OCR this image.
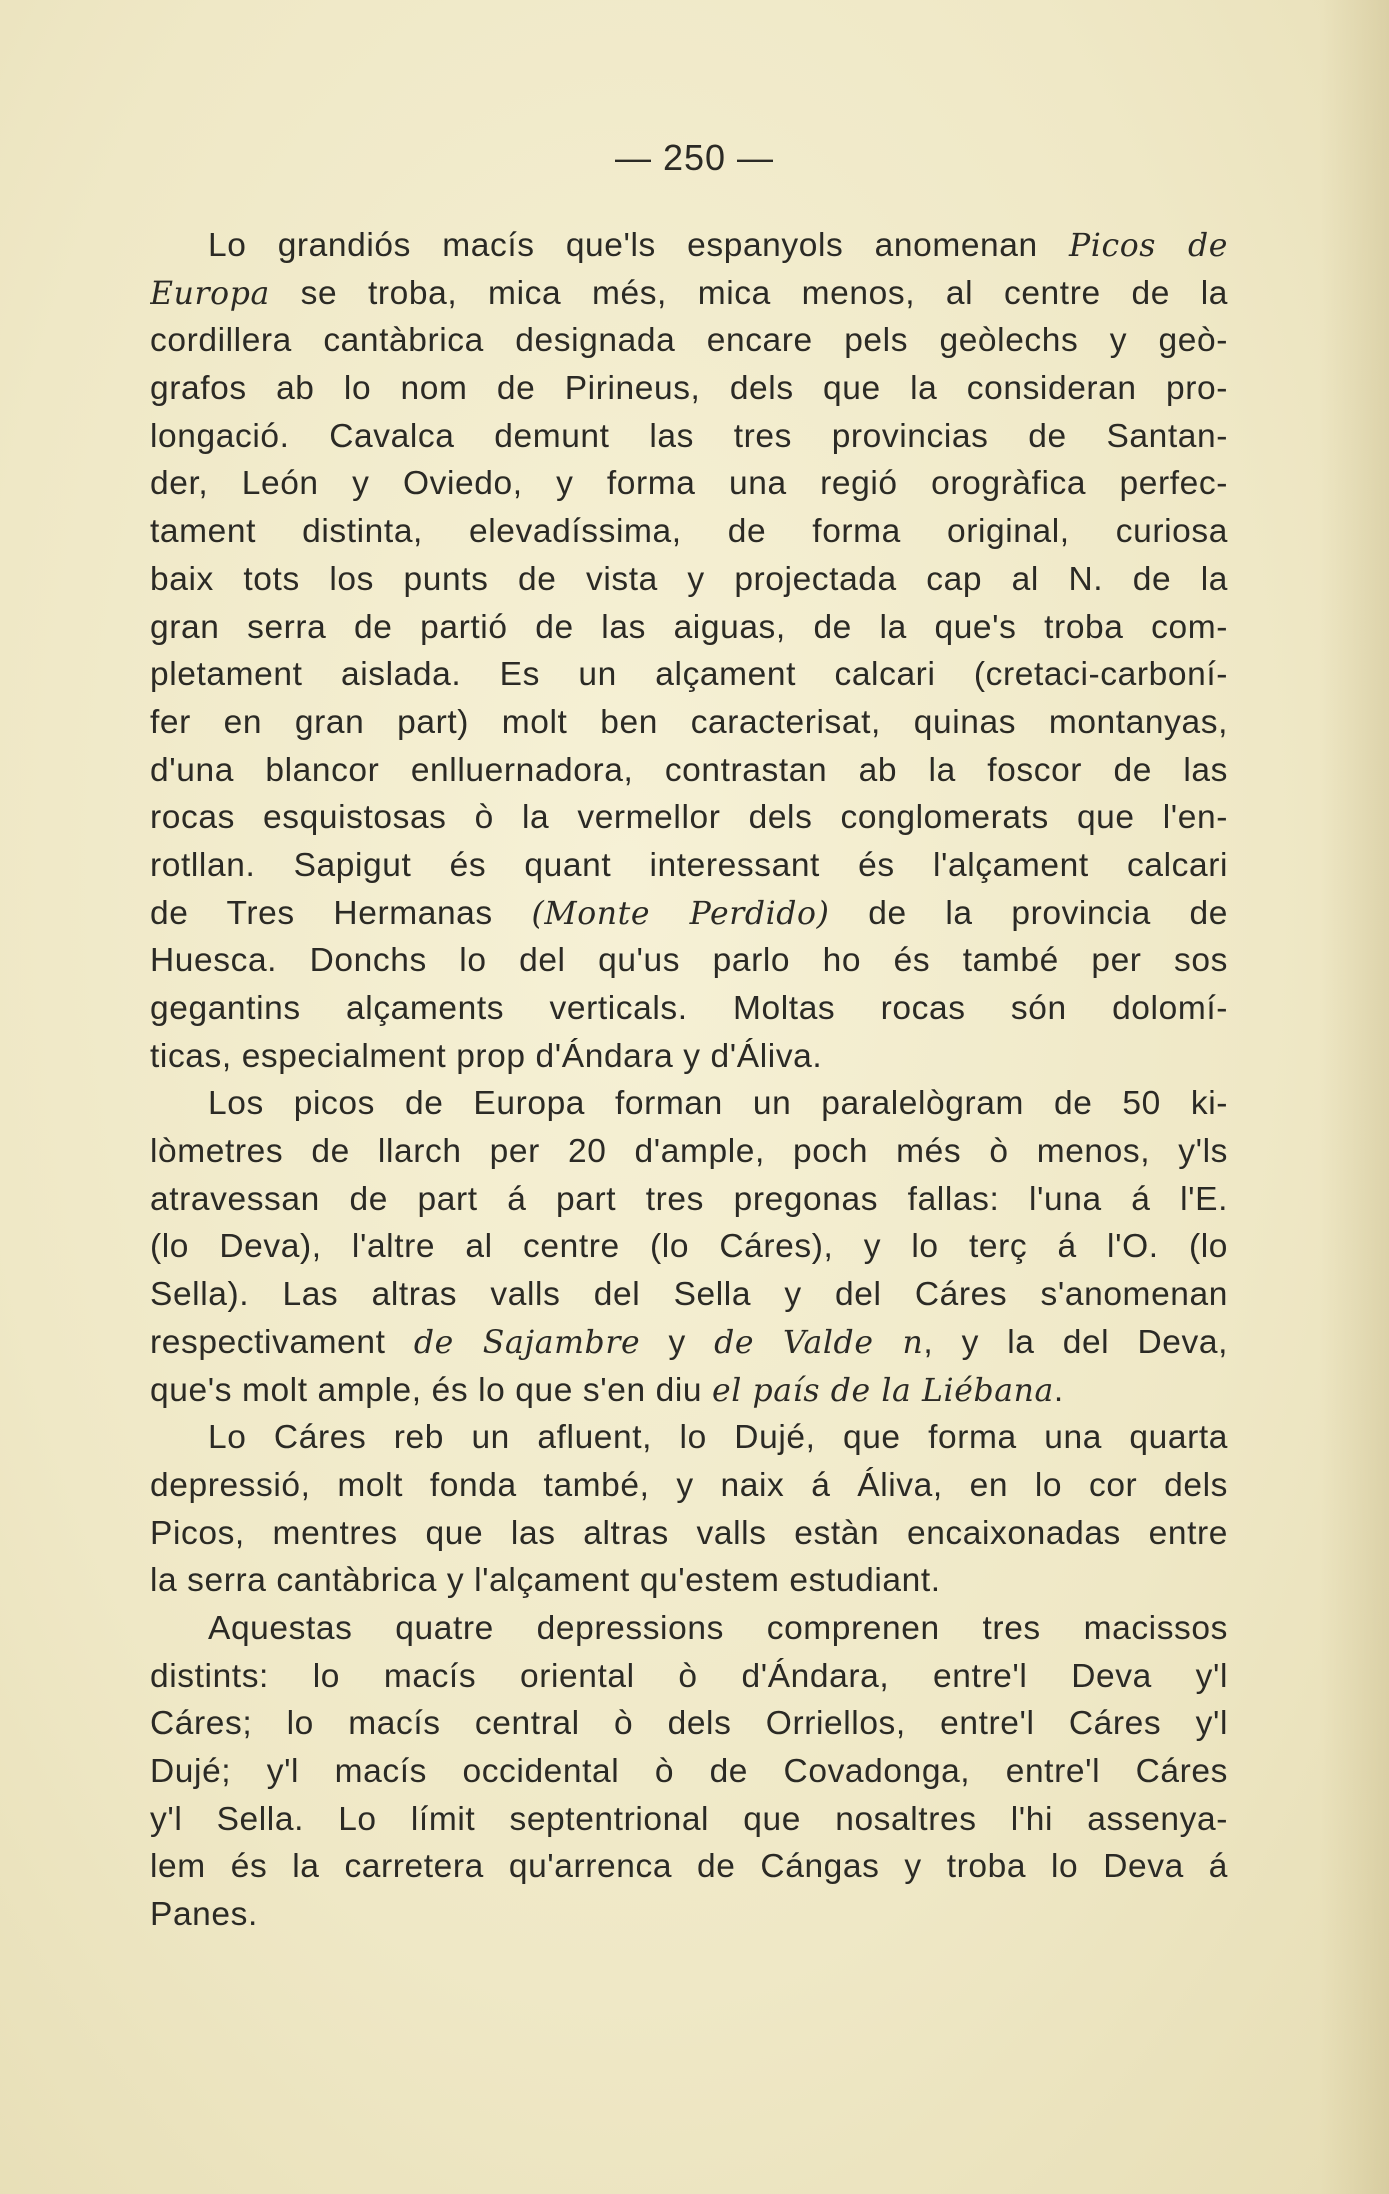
— 250 —
Lo grandiós macís que'ls espanyols anomenan Picos de
Europa se troba, mica més, mica menos, al centre de la
cordillera cantàbrica designada encare pels geòlechs y geò-
grafos ab lo nom de Pirineus, dels que la consideran pro-
longació. Cavalca demunt las tres provincias de Santan-
der, León y Oviedo, y forma una regió orogràfica perfec-
tament distinta, elevadíssima, de forma original, curiosa
baix tots los punts de vista y projectada cap al N. de la
gran serra de partió de las aiguas, de la que's troba com-
pletament aislada. Es un alçament calcari (cretaci-carboní-
fer en gran part) molt ben caracterisat, quinas montanyas,
d'una blancor enlluernadora, contrastan ab la foscor de las
rocas esquistosas ò la vermellor dels conglomerats que l'en-
rotllan. Sapigut és quant interessant és l'alçament calcari
de Tres Hermanas (Monte Perdido) de la provincia de
Huesca. Donchs lo del qu'us parlo ho és també per sos
gegantins alçaments verticals. Moltas rocas són dolomí-
ticas, especialment prop d'Ándara y d'Áliva.
Los picos de Europa forman un paralelògram de 50 ki-
lòmetres de llarch per 20 d'ample, poch més ò menos, y'ls
atravessan de part á part tres pregonas fallas: l'una á l'E.
(lo Deva), l'altre al centre (lo Cáres), y lo terç á l'O. (lo
Sella). Las altras valls del Sella y del Cáres s'anomenan
respectivament de Sajambre y de Valde n, y la del Deva,
que's molt ample, és lo que s'en diu el país de la Liébana.
Lo Cáres reb un afluent, lo Dujé, que forma una quarta
depressió, molt fonda també, y naix á Áliva, en lo cor dels
Picos, mentres que las altras valls estàn encaixonadas entre
la serra cantàbrica y l'alçament qu'estem estudiant.
Aquestas quatre depressions comprenen tres macissos
distints: lo macís oriental ò d'Ándara, entre'l Deva y'l
Cáres; lo macís central ò dels Orriellos, entre'l Cáres y'l
Dujé; y'l macís occidental ò de Covadonga, entre'l Cáres
y'l Sella. Lo límit septentrional que nosaltres l'hi assenya-
lem és la carretera qu'arrenca de Cángas y troba lo Deva á
Panes.
